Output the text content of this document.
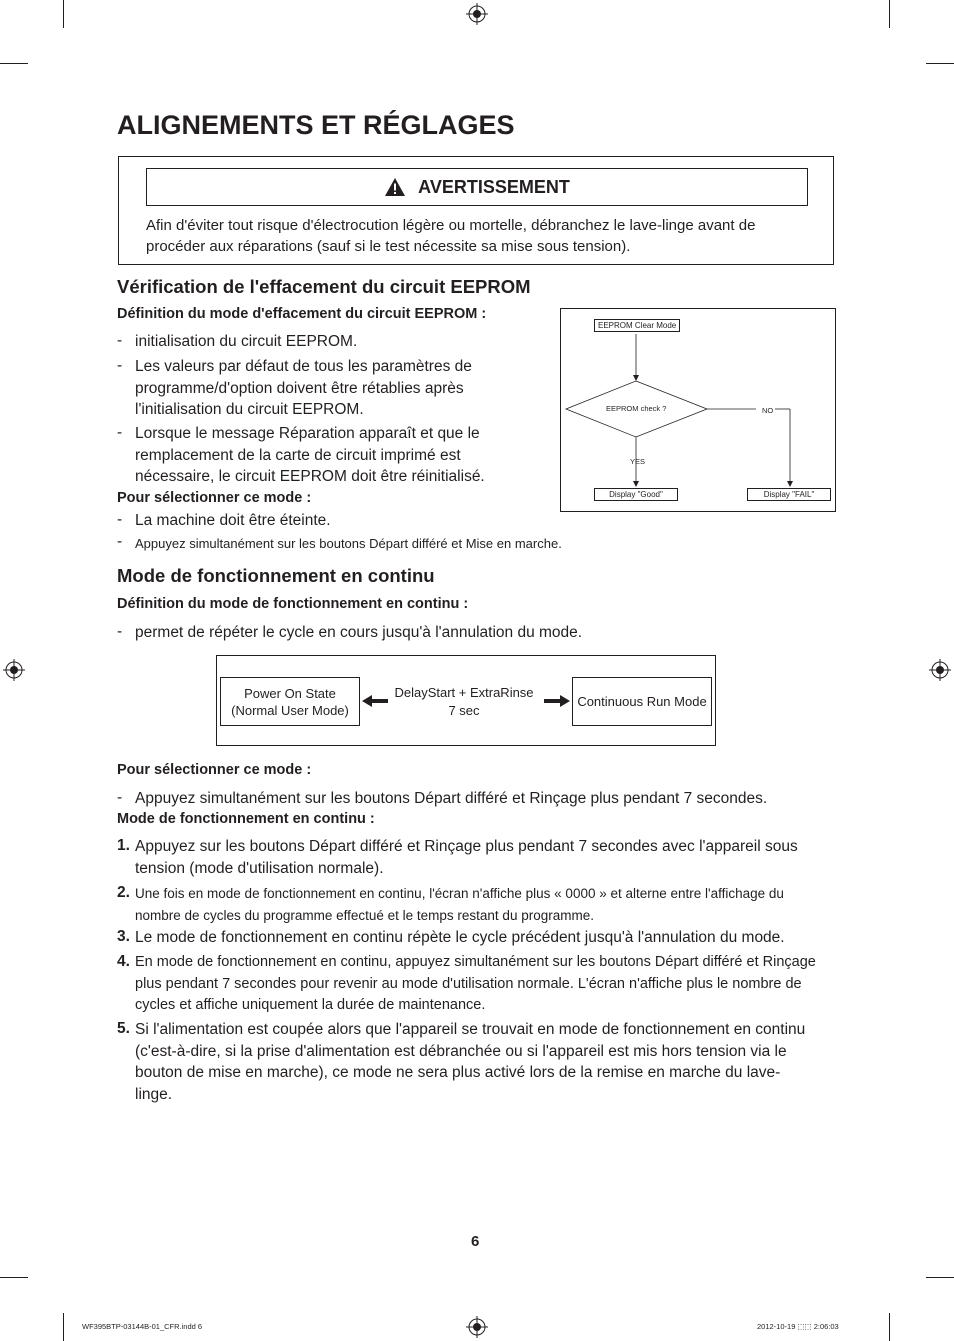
ALIGNEMENTS ET RÉGLAGES
AVERTISSEMENT
Afin d'éviter tout risque d'électrocution légère ou mortelle, débranchez le lave-linge avant de procéder aux réparations (sauf si le test nécessite sa mise sous tension).
Vérification de l'effacement du circuit EEPROM
Définition du mode d'effacement du circuit EEPROM :
- initialisation du circuit EEPROM.
- Les valeurs par défaut de tous les paramètres de programme/d'option doivent être rétablies après l'initialisation du circuit EEPROM.
- Lorsque le message Réparation apparaît et que le remplacement de la carte de circuit imprimé est nécessaire, le circuit EEPROM doit être réinitialisé.
Pour sélectionner ce mode :
- La machine doit être éteinte.
- Appuyez simultanément sur les boutons Départ différé et Mise en marche.
EEPROM Clear Mode
EEPROM check ?	NO
YES
Display "Good"	Display "FAIL"
Mode de fonctionnement en continu
Définition du mode de fonctionnement en continu :
- permet de répéter le cycle en cours jusqu'à l'annulation du mode.
Power On State
(Normal User Mode)
DelayStart + ExtraRinse
7 sec
Continuous Run Mode
Pour sélectionner ce mode :
- Appuyez simultanément sur les boutons Départ différé et Rinçage plus pendant 7 secondes.
Mode de fonctionnement en continu :
1. Appuyez sur les boutons Départ différé et Rinçage plus pendant 7 secondes avec l'appareil sous tension (mode d'utilisation normale).
2. Une fois en mode de fonctionnement en continu, l'écran n'affiche plus « 0000 » et alterne entre l'affichage du nombre de cycles du programme effectué et le temps restant du programme.
3. Le mode de fonctionnement en continu répète le cycle précédent jusqu'à l'annulation du mode.
4. En mode de fonctionnement en continu, appuyez simultanément sur les boutons Départ différé et Rinçage plus pendant 7 secondes pour revenir au mode d'utilisation normale. L'écran n'affiche plus le nombre de cycles et affiche uniquement la durée de maintenance.
5. Si l'alimentation est coupée alors que l'appareil se trouvait en mode de fonctionnement en continu (c'est-à-dire, si la prise d'alimentation est débranchée ou si l'appareil est mis hors tension via le bouton de mise en marche), ce mode ne sera plus activé lors de la remise en marche du lave-linge.
6
WF395BTP-03144B-01_CFR.indd 6	2012-10-19 ⬚⬚ 2:06:03
